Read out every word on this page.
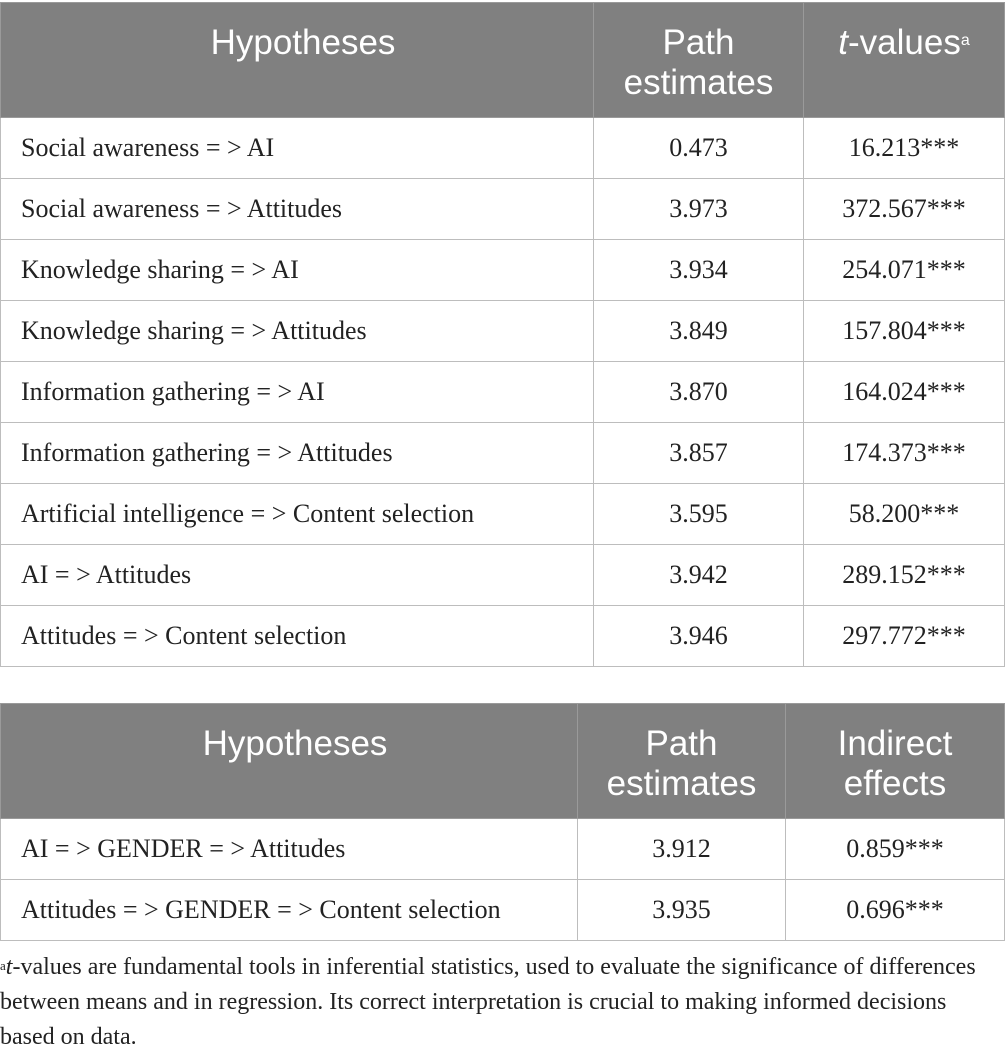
Hypotheses	Path estimates	t-values$^a$
Social awareness = > AI	0.473	16.213***
Social awareness = > Attitudes	3.973	372.567***
Knowledge sharing = > AI	3.934	254.071***
Knowledge sharing = > Attitudes	3.849	157.804***
Information gathering = > AI	3.870	164.024***
Information gathering = > Attitudes	3.857	174.373***
Artificial intelligence = > Content selection	3.595	58.200***
AI = > Attitudes	3.942	289.152***
Attitudes = > Content selection	3.946	297.772***
Hypotheses	Path estimates	Indirect effects
AI = > GENDER = > Attitudes	3.912	0.859***
Attitudes = > GENDER = > Content selection	3.935	0.696***

$^a$t-values are fundamental tools in inferential statistics, used to evaluate the significance of differences between means and in regression. Its correct interpretation is crucial to making informed decisions based on data.
